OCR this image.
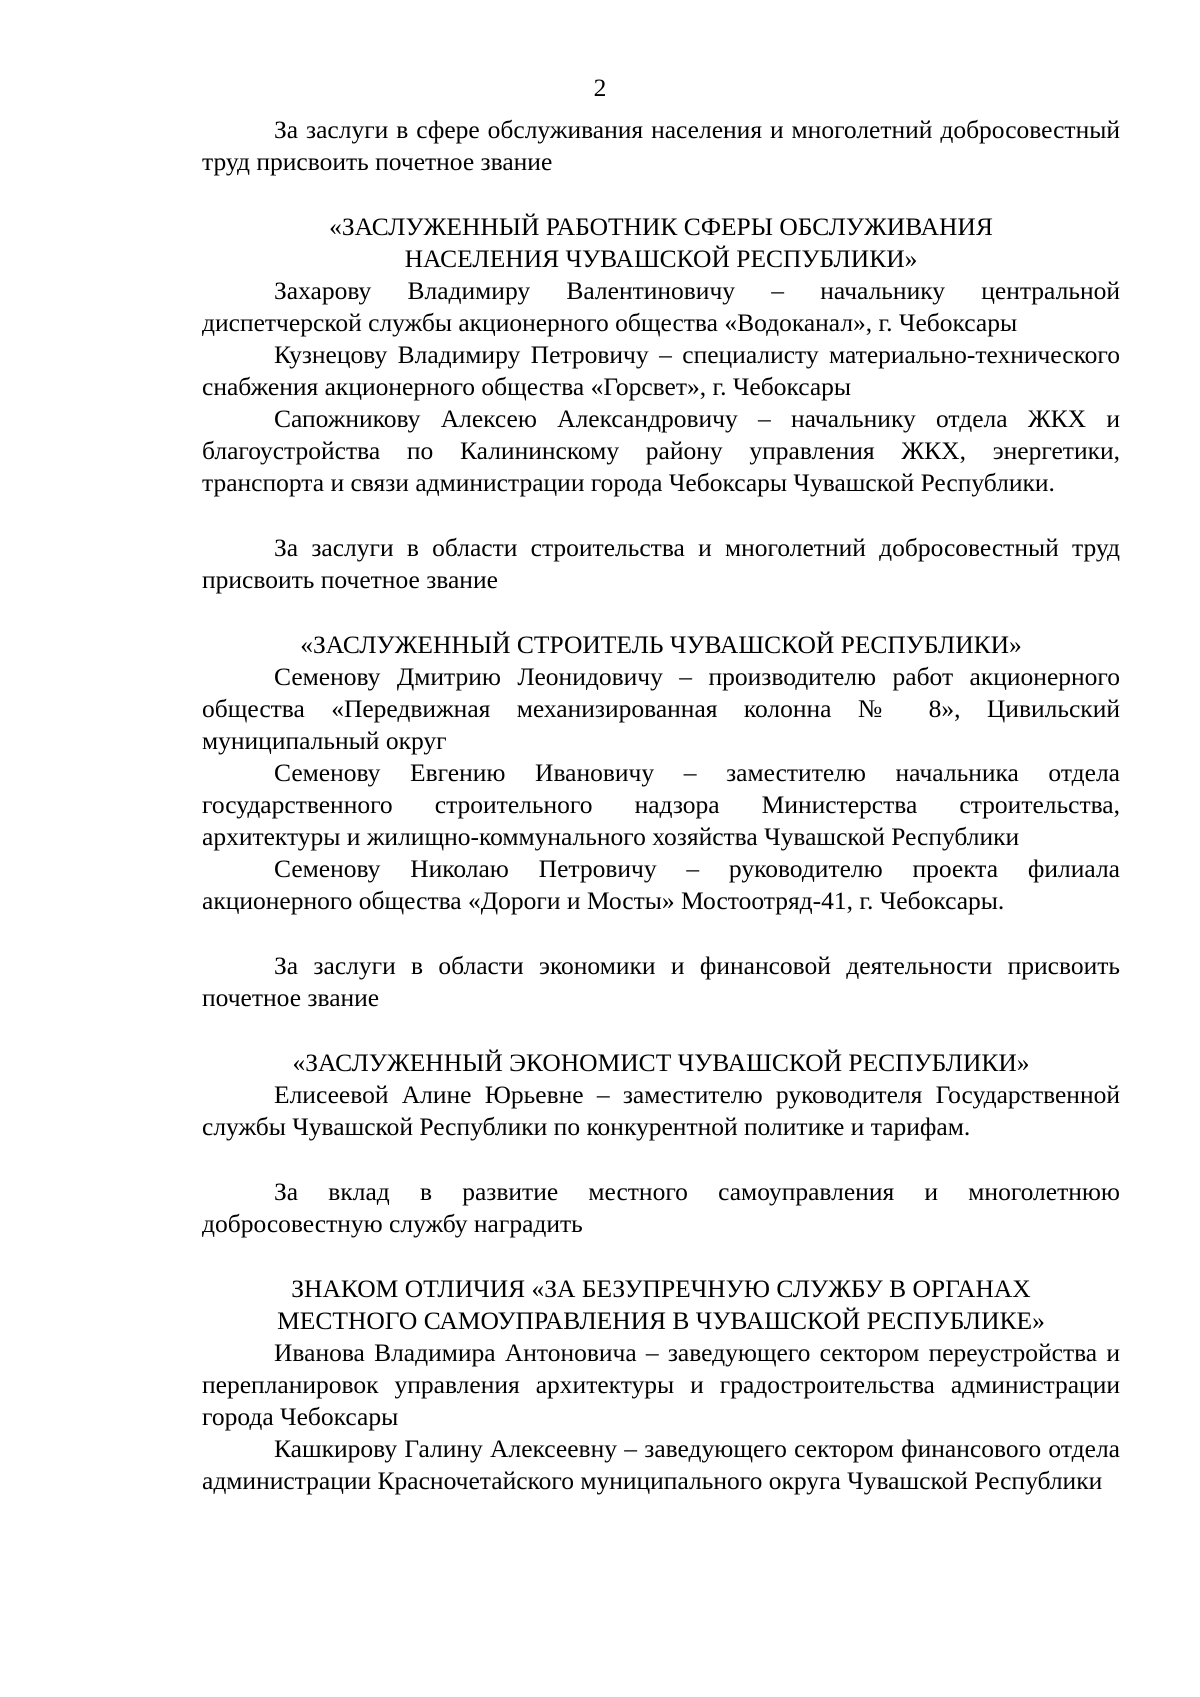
2

За заслуги в сфере обслуживания населения и многолетний добросовестный труд присвоить почетное звание

«ЗАСЛУЖЕННЫЙ РАБОТНИК СФЕРЫ ОБСЛУЖИВАНИЯ
НАСЕЛЕНИЯ ЧУВАШСКОЙ РЕСПУБЛИКИ»

Захарову Владимиру Валентиновичу – начальнику центральной диспетчерской службы акционерного общества «Водоканал», г. Чебоксары

Кузнецову Владимиру Петровичу – специалисту материально-технического снабжения акционерного общества «Горсвет», г. Чебоксары

Сапожникову Алексею Александровичу – начальнику отдела ЖКХ и благоустройства по Калининскому району управления ЖКХ, энергетики, транспорта и связи администрации города Чебоксары Чувашской Республики.

За заслуги в области строительства и многолетний добросовестный труд присвоить почетное звание

«ЗАСЛУЖЕННЫЙ СТРОИТЕЛЬ ЧУВАШСКОЙ РЕСПУБЛИКИ»

Семенову Дмитрию Леонидовичу – производителю работ акционерного общества «Передвижная механизированная колонна № 8», Цивильский муниципальный округ

Семенову Евгению Ивановичу – заместителю начальника отдела государственного строительного надзора Министерства строительства, архитектуры и жилищно-коммунального хозяйства Чувашской Республики

Семенову Николаю Петровичу – руководителю проекта филиала акционерного общества «Дороги и Мосты» Мостоотряд-41, г. Чебоксары.

За заслуги в области экономики и финансовой деятельности присвоить почетное звание

«ЗАСЛУЖЕННЫЙ ЭКОНОМИСТ ЧУВАШСКОЙ РЕСПУБЛИКИ»

Елисеевой Алине Юрьевне – заместителю руководителя Государственной службы Чувашской Республики по конкурентной политике и тарифам.

За вклад в развитие местного самоуправления и многолетнюю добросовестную службу наградить

ЗНАКОМ ОТЛИЧИЯ «ЗА БЕЗУПРЕЧНУЮ СЛУЖБУ В ОРГАНАХ
МЕСТНОГО САМОУПРАВЛЕНИЯ В ЧУВАШСКОЙ РЕСПУБЛИКЕ»

Иванова Владимира Антоновича – заведующего сектором переустройства и перепланировок управления архитектуры и градостроительства администрации города Чебоксары

Кашкирову Галину Алексеевну – заведующего сектором финансового отдела администрации Красночетайского муниципального округа Чувашской Республики
